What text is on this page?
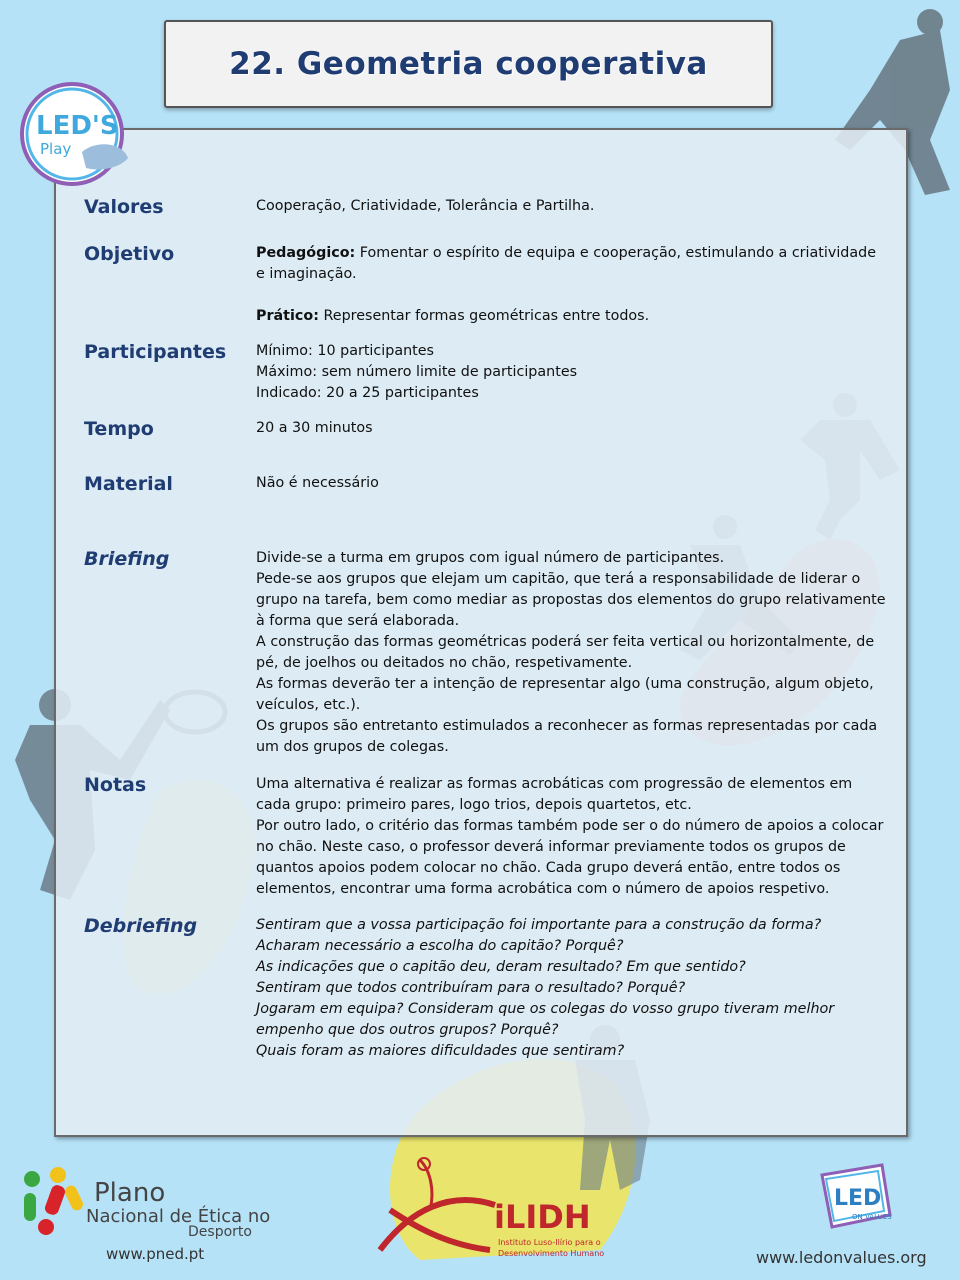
22. Geometria cooperativa
LED'S
Play
Valores
Objetivo
Participantes
Tempo
Material
Briefing
Notas
Debriefing

Cooperação, Criatividade, Tolerância e Partilha.

Pedagógico: Fomentar o espírito de equipa e cooperação, estimulando a criatividade e imaginação.

Prático: Representar formas geométricas entre todos.

Mínimo: 10 participantes
Máximo: sem número limite de participantes
Indicado: 20 a 25 participantes

20 a 30 minutos

Não é necessário

Divide-se a turma em grupos com igual número de participantes.
Pede-se aos grupos que elejam um capitão, que terá a responsabilidade de liderar o grupo na tarefa, bem como mediar as propostas dos elementos do grupo relativamente à forma que será elaborada.
A construção das formas geométricas poderá ser feita vertical ou horizontalmente, de pé, de joelhos ou deitados no chão, respetivamente.
As formas deverão ter a intenção de representar algo (uma construção, algum objeto, veículos, etc.).
Os grupos são entretanto estimulados a reconhecer as formas representadas por cada um dos grupos de colegas.

Uma alternativa é realizar as formas acrobáticas com progressão de elementos em cada grupo: primeiro pares, logo trios, depois quartetos, etc.
Por outro lado, o critério das formas também pode ser o do número de apoios a colocar no chão. Neste caso, o professor deverá informar previamente todos os grupos de quantos apoios podem colocar no chão. Cada grupo deverá então, entre todos os elementos, encontrar uma forma acrobática com o número de apoios respetivo.

Sentiram que a vossa participação foi importante para a construção da forma?
Acharam necessário a escolha do capitão? Porquê?
As indicações que o capitão deu, deram resultado? Em que sentido?
Sentiram que todos contribuíram para o resultado? Porquê?
Jogaram em equipa? Consideram que os colegas do vosso grupo tiveram melhor empenho que dos outros grupos? Porquê?
Quais foram as maiores dificuldades que sentiram?

Plano
Nacional de Ética no
Desporto
www.pned.pt
iLIDH
Instituto Luso-Ilírio para o
Desenvolvimento Humano
LED
ON VALUES
www.ledonvalues.org
